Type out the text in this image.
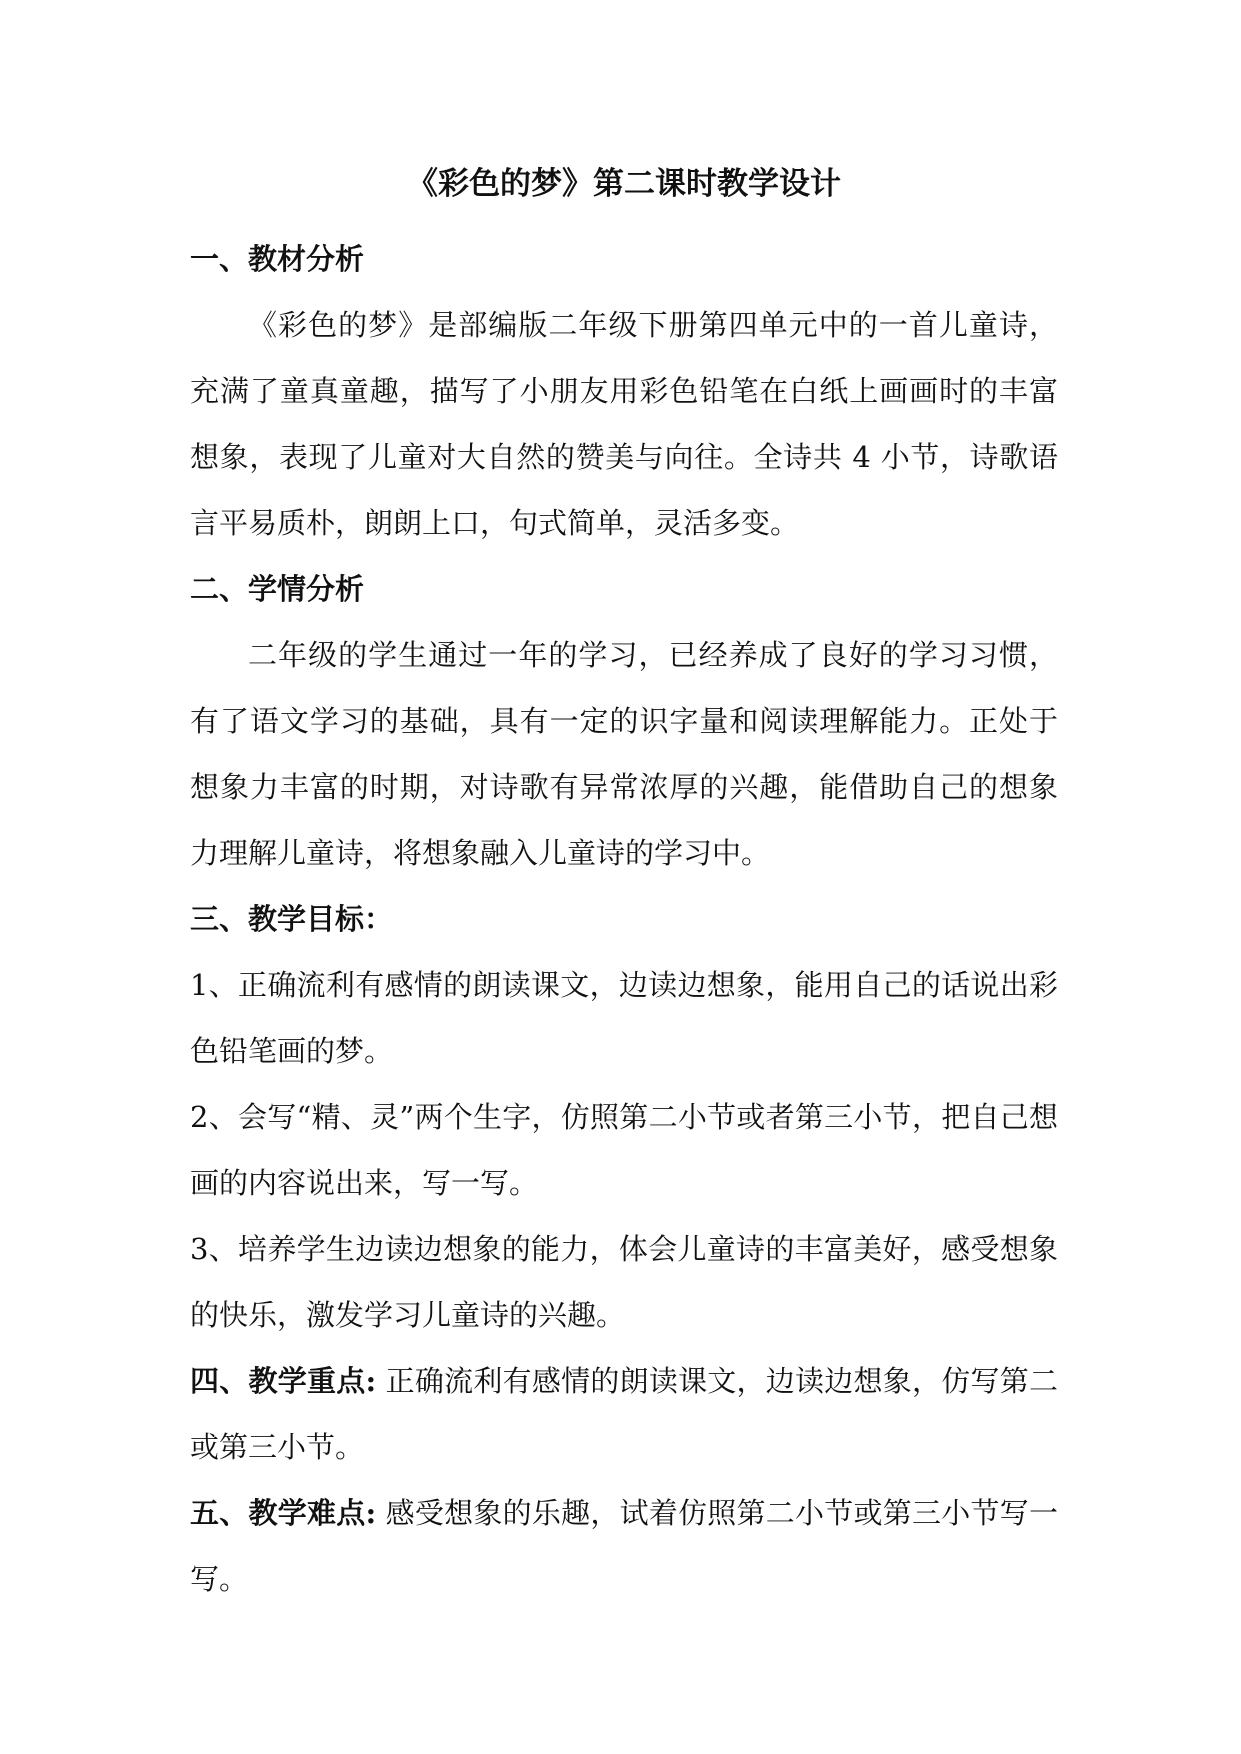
《彩色的梦》第二课时教学设计
一、教材分析

《彩色的梦》是部编版二年级下册第四单元中的一首儿童诗，充满了童真童趣，描写了小朋友用彩色铅笔在白纸上画画时的丰富想象，表现了儿童对大自然的赞美与向往。全诗共 4 小节，诗歌语言平易质朴，朗朗上口，句式简单，灵活多变。

二、学情分析

二年级的学生通过一年的学习，已经养成了良好的学习习惯，有了语文学习的基础，具有一定的识字量和阅读理解能力。正处于想象力丰富的时期，对诗歌有异常浓厚的兴趣，能借助自己的想象力理解儿童诗，将想象融入儿童诗的学习中。

三、教学目标：

1、正确流利有感情的朗读课文，边读边想象，能用自己的话说出彩色铅笔画的梦。

2、会写“精、灵”两个生字，仿照第二小节或者第三小节，把自己想画的内容说出来，写一写。

3、培养学生边读边想象的能力，体会儿童诗的丰富美好，感受想象的快乐，激发学习儿童诗的兴趣。

四、教学重点: 正确流利有感情的朗读课文，边读边想象，仿写第二或第三小节。

五、教学难点: 感受想象的乐趣，试着仿照第二小节或第三小节写一写。
